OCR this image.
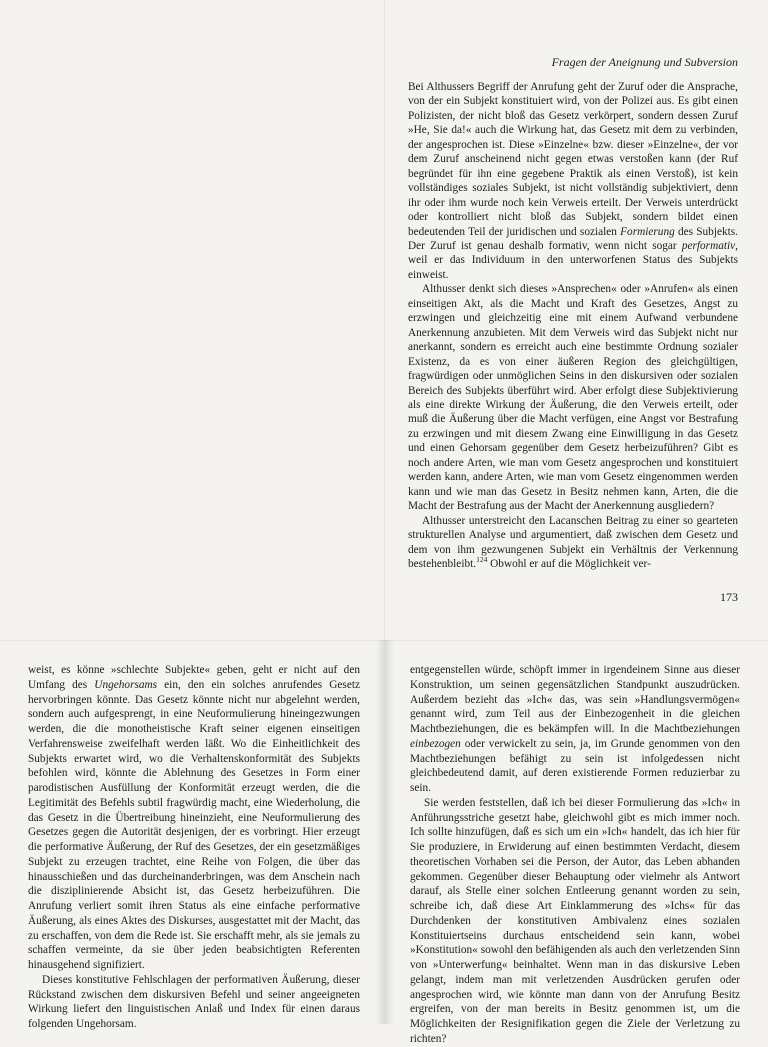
Fragen der Aneignung und Subversion

Bei Althussers Begriff der Anrufung geht der Zuruf oder die Ansprache, von der ein Subjekt konstituiert wird, von der Polizei aus. Es gibt einen Polizisten, der nicht bloß das Gesetz verkörpert, sondern dessen Zuruf »He, Sie da!« auch die Wirkung hat, das Gesetz mit dem zu verbinden, der angesprochen ist. Diese »Einzelne« bzw. dieser »Einzelne«, der vor dem Zuruf anscheinend nicht gegen etwas verstoßen kann (der Ruf begründet für ihn eine gegebene Praktik als einen Verstoß), ist kein vollständiges soziales Subjekt, ist nicht vollständig subjektiviert, denn ihr oder ihm wurde noch kein Verweis erteilt. Der Verweis unterdrückt oder kontrolliert nicht bloß das Subjekt, sondern bildet einen bedeutenden Teil der juridischen und sozialen Formierung des Subjekts. Der Zuruf ist genau deshalb formativ, wenn nicht sogar performativ, weil er das Individuum in den unterworfenen Status des Subjekts einweist.

Althusser denkt sich dieses »Ansprechen« oder »Anrufen« als einen einseitigen Akt, als die Macht und Kraft des Gesetzes, Angst zu erzwingen und gleichzeitig eine mit einem Aufwand verbundene Anerkennung anzubieten. Mit dem Verweis wird das Subjekt nicht nur anerkannt, sondern es erreicht auch eine bestimmte Ordnung sozialer Existenz, da es von einer äußeren Region des gleichgültigen, fragwürdigen oder unmöglichen Seins in den diskursiven oder sozialen Bereich des Subjekts überführt wird. Aber erfolgt diese Subjektivierung als eine direkte Wirkung der Äußerung, die den Verweis erteilt, oder muß die Äußerung über die Macht verfügen, eine Angst vor Bestrafung zu erzwingen und mit diesem Zwang eine Einwilligung in das Gesetz und einen Gehorsam gegenüber dem Gesetz herbeizuführen? Gibt es noch andere Arten, wie man vom Gesetz angesprochen und konstituiert werden kann, andere Arten, wie man vom Gesetz eingenommen werden kann und wie man das Gesetz in Besitz nehmen kann, Arten, die die Macht der Bestrafung aus der Macht der Anerkennung ausgliedern?

Althusser unterstreicht den Lacanschen Beitrag zu einer so gearteten strukturellen Analyse und argumentiert, daß zwischen dem Gesetz und dem von ihm gezwungenen Subjekt ein Verhältnis der Verkennung bestehenbleibt.$^{124}$ Obwohl er auf die Möglichkeit ver-

173

weist, es könne »schlechte Subjekte« geben, geht er nicht auf den Umfang des Ungehorsams ein, den ein solches anrufendes Gesetz hervorbringen könnte. Das Gesetz könnte nicht nur abgelehnt werden, sondern auch aufgesprengt, in eine Neuformulierung hineingezwungen werden, die die monotheistische Kraft seiner eigenen einseitigen Verfahrensweise zweifelhaft werden läßt. Wo die Einheitlichkeit des Subjekts erwartet wird, wo die Verhaltenskonformität des Subjekts befohlen wird, könnte die Ablehnung des Gesetzes in Form einer parodistischen Ausfüllung der Konformität erzeugt werden, die die Legitimität des Befehls subtil fragwürdig macht, eine Wiederholung, die das Gesetz in die Übertreibung hineinzieht, eine Neuformulierung des Gesetzes gegen die Autorität desjenigen, der es vorbringt. Hier erzeugt die performative Äußerung, der Ruf des Gesetzes, der ein gesetzmäßiges Subjekt zu erzeugen trachtet, eine Reihe von Folgen, die über das hinausschießen und das durcheinanderbringen, was dem Anschein nach die disziplinierende Absicht ist, das Gesetz herbeizuführen. Die Anrufung verliert somit ihren Status als eine einfache performative Äußerung, als eines Aktes des Diskurses, ausgestattet mit der Macht, das zu erschaffen, von dem die Rede ist. Sie erschafft mehr, als sie jemals zu schaffen vermeinte, da sie über jeden beabsichtigten Referenten hinausgehend signifiziert.

Dieses konstitutive Fehlschlagen der performativen Äußerung, dieser Rückstand zwischen dem diskursiven Befehl und seiner angeeigneten Wirkung liefert den linguistischen Anlaß und Index für einen daraus folgenden Ungehorsam.

entgegenstellen würde, schöpft immer in irgendeinem Sinne aus dieser Konstruktion, um seinen gegensätzlichen Standpunkt auszudrücken. Außerdem bezieht das »Ich« das, was sein »Handlungsvermögen« genannt wird, zum Teil aus der Einbezogenheit in die gleichen Machtbeziehungen, die es bekämpfen will. In die Machtbeziehungen einbezogen oder verwickelt zu sein, ja, im Grunde genommen von den Machtbeziehungen befähigt zu sein ist infolgedessen nicht gleichbedeutend damit, auf deren existierende Formen reduzierbar zu sein.

Sie werden feststellen, daß ich bei dieser Formulierung das »Ich« in Anführungsstriche gesetzt habe, gleichwohl gibt es mich immer noch. Ich sollte hinzufügen, daß es sich um ein »Ich« handelt, das ich hier für Sie produziere, in Erwiderung auf einen bestimmten Verdacht, diesem theoretischen Vorhaben sei die Person, der Autor, das Leben abhanden gekommen. Gegenüber dieser Behauptung oder vielmehr als Antwort darauf, als Stelle einer solchen Entleerung genannt worden zu sein, schreibe ich, daß diese Art Einklammerung des »Ichs« für das Durchdenken der konstitutiven Ambivalenz eines sozialen Konstituiertseins durchaus entscheidend sein kann, wobei »Konstitution« sowohl den befähigenden als auch den verletzenden Sinn von »Unterwerfung« beinhaltet. Wenn man in das diskursive Leben gelangt, indem man mit verletzenden Ausdrücken gerufen oder angesprochen wird, wie könnte man dann von der Anrufung Besitz ergreifen, von der man bereits in Besitz genommen ist, um die Möglichkeiten der Resignifikation gegen die Ziele der Verletzung zu richten?
